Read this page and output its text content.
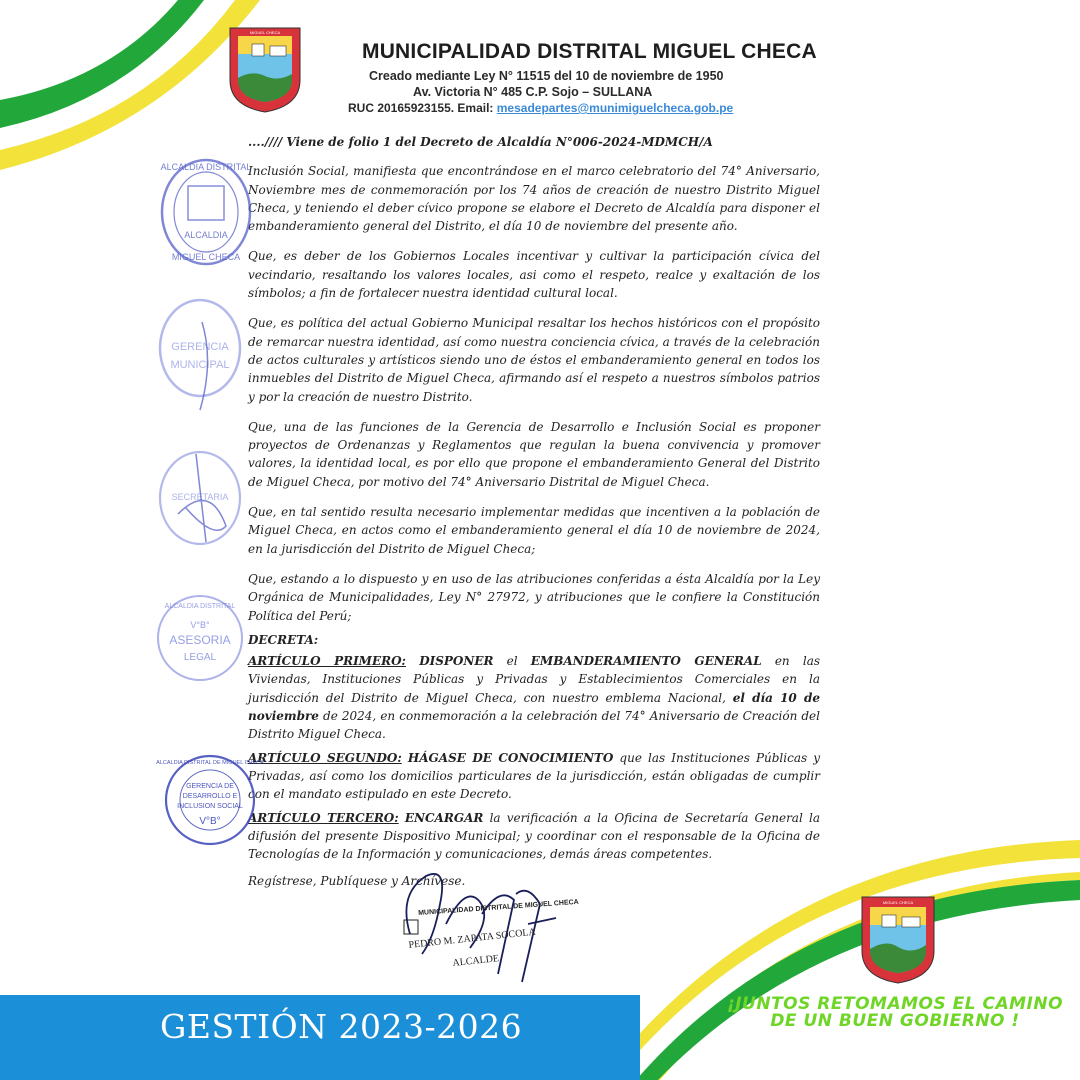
MIGUEL CHECA
MUNICIPALIDAD DISTRITAL MIGUEL CHECA
Creado mediante Ley N° 11515 del 10 de noviembre de 1950
Av. Victoria N° 485 C.P. Sojo – SULLANA
RUC 20165923155. Email: mesadepartes@munimiguelcheca.gob.pe

....//// Viene de folio 1 del Decreto de Alcaldía N°006-2024-MDMCH/A

Inclusión Social, manifiesta que encontrándose en el marco celebratorio del 74° Aniversario, Noviembre mes de conmemoración por los 74 años de creación de nuestro Distrito Miguel Checa, y teniendo el deber cívico propone se elabore el Decreto de Alcaldía para disponer el embanderamiento general del Distrito, el día 10 de noviembre del presente año.

Que, es deber de los Gobiernos Locales incentivar y cultivar la participación cívica del vecindario, resaltando los valores locales, asi como el respeto, realce y exaltación de los símbolos; a fin de fortalecer nuestra identidad cultural local.

Que, es política del actual Gobierno Municipal resaltar los hechos históricos con el propósito de remarcar nuestra identidad, así como nuestra conciencia cívica, a través de la celebración de actos culturales y artísticos siendo uno de éstos el embanderamiento general en todos los inmuebles del Distrito de Miguel Checa, afirmando así el respeto a nuestros símbolos patrios y por la creación de nuestro Distrito.

Que, una de las funciones de la Gerencia de Desarrollo e Inclusión Social es proponer proyectos de Ordenanzas y Reglamentos que regulan la buena convivencia y promover valores, la identidad local, es por ello que propone el embanderamiento General del Distrito de Miguel Checa, por motivo del 74° Aniversario Distrital de Miguel Checa.

Que, en tal sentido resulta necesario implementar medidas que incentiven a la población de Miguel Checa, en actos como el embanderamiento general el día 10 de noviembre de 2024, en la jurisdicción del Distrito de Miguel Checa;

Que, estando a lo dispuesto y en uso de las atribuciones conferidas a ésta Alcaldía por la Ley Orgánica de Municipalidades, Ley N° 27972, y atribuciones que le confiere la Constitución Política del Perú;

DECRETA:

ARTÍCULO PRIMERO: DISPONER el EMBANDERAMIENTO GENERAL en las Viviendas, Instituciones Públicas y Privadas y Establecimientos Comerciales en la jurisdicción del Distrito de Miguel Checa, con nuestro emblema Nacional, el día 10 de noviembre de 2024, en conmemoración a la celebración del 74° Aniversario de Creación del Distrito Miguel Checa.

ARTÍCULO SEGUNDO: HÁGASE DE CONOCIMIENTO que las Instituciones Públicas y Privadas, así como los domicilios particulares de la jurisdicción, están obligadas de cumplir con el mandato estipulado en este Decreto.

ARTÍCULO TERCERO: ENCARGAR la verificación a la Oficina de Secretaría General la difusión del presente Dispositivo Municipal; y coordinar con el responsable de la Oficina de Tecnologías de la Información y comunicaciones, demás áreas competentes.

Regístrese, Publíquese y Archívese.

ALCALDIA DISTRITAL
ALCALDIA
MIGUEL CHECA
GERENCIA
MUNICIPAL
SECRETARIA
ALCALDIA DISTRITAL
V°B°
ASESORIA
LEGAL
ALCALDIA DISTRITAL DE MIGUEL CHECA
GERENCIA DE
DESARROLLO E
INCLUSION SOCIAL
V°B°
MUNICIPALIDAD DISTRITAL DE MIGUEL CHECA
PEDRO M. ZAPATA SOCOLA
ALCALDE
GESTIÓN 2023-2026
MIGUEL CHECA
¡JUNTOS RETOMAMOS EL CAMINO DE UN BUEN GOBIERNO !
